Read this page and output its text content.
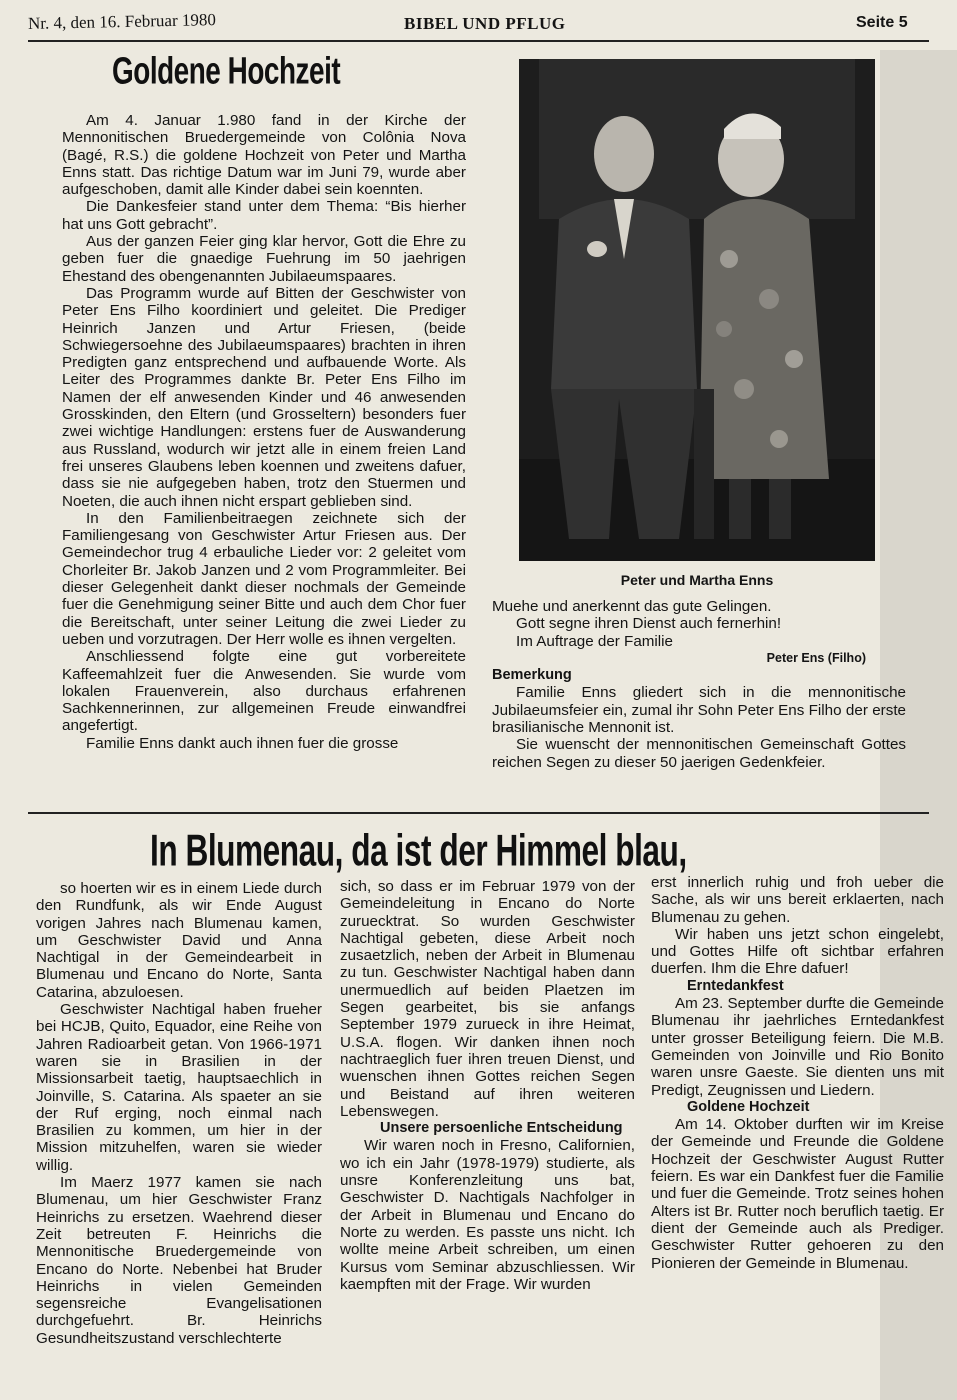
Nr. 4, den 16. Februar 1980	BIBEL UND PFLUG	Seite 5
Goldene Hochzeit

Am 4. Januar 1.980 fand in der Kirche der Mennonitischen Bruedergemeinde von Colônia Nova (Bagé, R.S.) die goldene Hochzeit von Peter und Martha Enns statt. Das richtige Datum war im Juni 79, wurde aber aufgeschoben, damit alle Kinder dabei sein koennten.

Die Dankesfeier stand unter dem Thema: “Bis hierher hat uns Gott gebracht”.

Aus der ganzen Feier ging klar hervor, Gott die Ehre zu geben fuer die gnaedige Fuehrung im 50 jaehrigen Ehestand des obengenannten Jubilaeumspaares.

Das Programm wurde auf Bitten der Geschwister von Peter Ens Filho koordiniert und geleitet. Die Prediger Heinrich Janzen und Artur Friesen, (beide Schwiegersoehne des Jubilaeumspaares) brachten in ihren Predigten ganz entsprechend und aufbauende Worte. Als Leiter des Programmes dankte Br. Peter Ens Filho im Namen der elf anwesenden Kinder und 46 anwesenden Grosskinden, den Eltern (und Grosseltern) besonders fuer zwei wichtige Handlungen: erstens fuer de Auswanderung aus Russland, wodurch wir jetzt alle in einem freien Land frei unseres Glaubens leben koennen und zweitens dafuer, dass sie nie aufgegeben haben, trotz den Stuermen und Noeten, die auch ihnen nicht erspart geblieben sind.

In den Familienbeitraegen zeichnete sich der Familiengesang von Geschwister Artur Friesen aus. Der Gemeindechor trug 4 erbauliche Lieder vor: 2 geleitet vom Chorleiter Br. Jakob Janzen und 2 vom Programmleiter. Bei dieser Gelegenheit dankt dieser nochmals der Gemeinde fuer die Genehmigung seiner Bitte und auch dem Chor fuer die Bereitschaft, unter seiner Leitung die zwei Lieder zu ueben und vorzutragen. Der Herr wolle es ihnen vergelten.

Anschliessend folgte eine gut vorbereitete Kaffeemahlzeit fuer die Anwesenden. Sie wurde vom lokalen Frauenverein, also durchaus erfahrenen Sachkennerinnen, zur allgemeinen Freude einwandfrei angefertigt.

Familie Enns dankt auch ihnen fuer die grosse

Peter und Martha Enns

Muehe und anerkennt das gute Gelingen.

Gott segne ihren Dienst auch fernerhin!

Im Auftrage der Familie

Peter Ens (Filho)

Bemerkung

Familie Enns gliedert sich in die mennonitische Jubilaeumsfeier ein, zumal ihr Sohn Peter Ens Filho der erste brasilianische Mennonit ist.

Sie wuenscht der mennonitischen Gemeinschaft Gottes reichen Segen zu dieser 50 jaerigen Gedenkfeier.

In Blumenau, da ist der Himmel blau,

so hoerten wir es in einem Liede durch den Rundfunk, als wir Ende August vorigen Jahres nach Blumenau kamen, um Geschwister David und Anna Nachtigal in der Gemeindearbeit in Blumenau und Encano do Norte, Santa Catarina, abzuloesen.

Geschwister Nachtigal haben frueher bei HCJB, Quito, Equador, eine Reihe von Jahren Radioarbeit getan. Von 1966-1971 waren sie in Brasilien in der Missionsarbeit taetig, hauptsaechlich in Joinville, S. Catarina. Als spaeter an sie der Ruf erging, noch einmal nach Brasilien zu kommen, um hier in der Mission mitzuhelfen, waren sie wieder willig.

Im Maerz 1977 kamen sie nach Blumenau, um hier Geschwister Franz Heinrichs zu ersetzen. Waehrend dieser Zeit betreuten F. Heinrichs die Mennonitische Bruedergemeinde von Encano do Norte. Nebenbei hat Bruder Heinrichs in vielen Gemeinden segensreiche Evangelisationen durchgefuehrt. Br. Heinrichs Gesundheitszustand verschlechterte

sich, so dass er im Februar 1979 von der Gemeindeleitung in Encano do Norte zuruecktrat. So wurden Geschwister Nachtigal gebeten, diese Arbeit noch zusaetzlich, neben der Arbeit in Blumenau zu tun. Geschwister Nachtigal haben dann unermuedlich auf beiden Plaetzen im Segen gearbeitet, bis sie anfangs September 1979 zurueck in ihre Heimat, U.S.A. flogen. Wir danken ihnen noch nachtraeglich fuer ihren treuen Dienst, und wuenschen ihnen Gottes reichen Segen und Beistand auf ihren weiteren Lebenswegen.

Unsere persoenliche Entscheidung

Wir waren noch in Fresno, Californien, wo ich ein Jahr (1978-1979) studierte, als unsre Konferenzleitung uns bat, Geschwister D. Nachtigals Nachfolger in der Arbeit in Blumenau und Encano do Norte zu werden. Es passte uns nicht. Ich wollte meine Arbeit schreiben, um einen Kursus vom Seminar abzuschliessen. Wir kaempften mit der Frage. Wir wurden

erst innerlich ruhig und froh ueber die Sache, als wir uns bereit erklaerten, nach Blumenau zu gehen.

Wir haben uns jetzt schon eingelebt, und Gottes Hilfe oft sichtbar erfahren duerfen. Ihm die Ehre dafuer!

Erntedankfest

Am 23. September durfte die Gemeinde Blumenau ihr jaehrliches Erntedankfest unter grosser Beteiligung feiern. Die M.B. Gemeinden von Joinville und Rio Bonito waren unsre Gaeste. Sie dienten uns mit Predigt, Zeugnissen und Liedern.

Goldene Hochzeit

Am 14. Oktober durften wir im Kreise der Gemeinde und Freunde die Goldene Hochzeit der Geschwister August Rutter feiern. Es war ein Dankfest fuer die Familie und fuer die Gemeinde. Trotz seines hohen Alters ist Br. Rutter noch beruflich taetig. Er dient der Gemeinde auch als Prediger. Geschwister Rutter gehoeren zu den Pionieren der Gemeinde in Blumenau.
